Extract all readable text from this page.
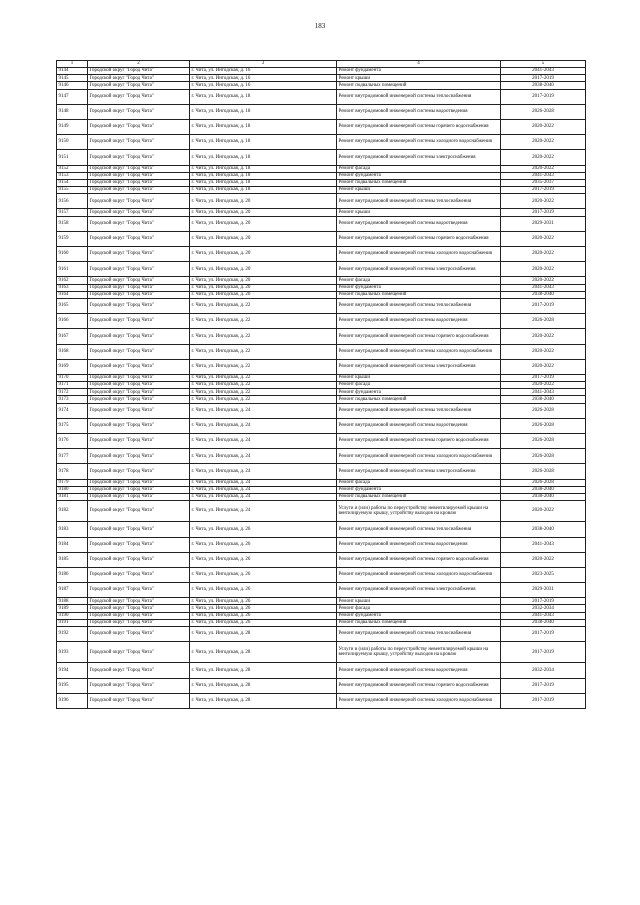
183
1	2	3	4	5
9144	Городской округ "Город Чита"	г. Чита, ул. Ингодская, д. 16	Ремонт фундамента	2041-2043
9145	Городской округ "Город Чита"	г. Чита, ул. Ингодская, д. 16	Ремонт крыши	2017-2019
9146	Городской округ "Город Чита"	г. Чита, ул. Ингодская, д. 16	Ремонт подвальных помещений	2038-2040
9147	Городской округ "Город Чита"	г. Чита, ул. Ингодская, д. 18	Ремонт внутридомовой инженерной системы теплоснабжения	2017-2019
9148	Городской округ "Город Чита"	г. Чита, ул. Ингодская, д. 18	Ремонт внутридомовой инженерной системы водоотведения	2026-2028
9149	Городской округ "Город Чита"	г. Чита, ул. Ингодская, д. 18	Ремонт внутридомовой инженерной системы горячего водоснабжения	2020-2022
9150	Городской округ "Город Чита"	г. Чита, ул. Ингодская, д. 18	Ремонт внутридомовой инженерной системы холодного водоснабжения	2020-2022
9151	Городской округ "Город Чита"	г. Чита, ул. Ингодская, д. 18	Ремонт внутридомовой инженерной системы электроснабжения	2020-2022
9152	Городской округ "Город Чита"	г. Чита, ул. Ингодская, д. 18	Ремонт фасада	2020-2022
9153	Городской округ "Город Чита"	г. Чита, ул. Ингодская, д. 18	Ремонт фундамента	2041-2043
9154	Городской округ "Город Чита"	г. Чита, ул. Ингодская, д. 18	Ремонт подвальных помещений	2035-2037
9155	Городской округ "Город Чита"	г. Чита, ул. Ингодская, д. 18	Ремонт крыши	2017-2019
9156	Городской округ "Город Чита"	г. Чита, ул. Ингодская, д. 20	Ремонт внутридомовой инженерной системы теплоснабжения	2020-2022
9157	Городской округ "Город Чита"	г. Чита, ул. Ингодская, д. 20	Ремонт крыши	2017-2019
9158	Городской округ "Город Чита"	г. Чита, ул. Ингодская, д. 20	Ремонт внутридомовой инженерной системы водоотведения	2029-2031
9159	Городской округ "Город Чита"	г. Чита, ул. Ингодская, д. 20	Ремонт внутридомовой инженерной системы горячего водоснабжения	2020-2022
9160	Городской округ "Город Чита"	г. Чита, ул. Ингодская, д. 20	Ремонт внутридомовой инженерной системы холодного водоснабжения	2020-2022
9161	Городской округ "Город Чита"	г. Чита, ул. Ингодская, д. 20	Ремонт внутридомовой инженерной системы электроснабжения	2020-2022
9162	Городской округ "Город Чита"	г. Чита, ул. Ингодская, д. 20	Ремонт фасада	2020-2022
9163	Городской округ "Город Чита"	г. Чита, ул. Ингодская, д. 20	Ремонт фундамента	2041-2043
9164	Городской округ "Город Чита"	г. Чита, ул. Ингодская, д. 20	Ремонт подвальных помещений	2038-2040
9165	Городской округ "Город Чита"	г. Чита, ул. Ингодская, д. 22	Ремонт внутридомовой инженерной системы теплоснабжения	2017-2019
9166	Городской округ "Город Чита"	г. Чита, ул. Ингодская, д. 22	Ремонт внутридомовой инженерной системы водоотведения	2026-2028
9167	Городской округ "Город Чита"	г. Чита, ул. Ингодская, д. 22	Ремонт внутридомовой инженерной системы горячего водоснабжения	2020-2022
9168	Городской округ "Город Чита"	г. Чита, ул. Ингодская, д. 22	Ремонт внутридомовой инженерной системы холодного водоснабжения	2020-2022
9169	Городской округ "Город Чита"	г. Чита, ул. Ингодская, д. 22	Ремонт внутридомовой инженерной системы электроснабжения	2020-2022
9170	Городской округ "Город Чита"	г. Чита, ул. Ингодская, д. 22	Ремонт крыши	2017-2019
9171	Городской округ "Город Чита"	г. Чита, ул. Ингодская, д. 22	Ремонт фасада	2020-2022
9172	Городской округ "Город Чита"	г. Чита, ул. Ингодская, д. 22	Ремонт фундамента	2041-2043
9173	Городской округ "Город Чита"	г. Чита, ул. Ингодская, д. 22	Ремонт подвальных помещений	2038-2040
9174	Городской округ "Город Чита"	г. Чита, ул. Ингодская, д. 24	Ремонт внутридомовой инженерной системы теплоснабжения	2026-2028
9175	Городской округ "Город Чита"	г. Чита, ул. Ингодская, д. 24	Ремонт внутридомовой инженерной системы водоотведения	2026-2028
9176	Городской округ "Город Чита"	г. Чита, ул. Ингодская, д. 24	Ремонт внутридомовой инженерной системы горячего водоснабжения	2026-2028
9177	Городской округ "Город Чита"	г. Чита, ул. Ингодская, д. 24	Ремонт внутридомовой инженерной системы холодного водоснабжения	2026-2028
9178	Городской округ "Город Чита"	г. Чита, ул. Ингодская, д. 24	Ремонт внутридомовой инженерной системы электроснабжения	2026-2028
9179	Городской округ "Город Чита"	г. Чита, ул. Ингодская, д. 24	Ремонт фасада	2026-2028
9180	Городской округ "Город Чита"	г. Чита, ул. Ингодская, д. 24	Ремонт фундамента	2038-2040
9181	Городской округ "Город Чита"	г. Чита, ул. Ингодская, д. 24	Ремонт подвальных помещений	2038-2040
9182	Городской округ "Город Чита"	г. Чита, ул. Ингодская, д. 24	Услуги и (или) работы по переустройству невентилируемой крыши на вентилируемую крышу, устройству выходов на кровлю	2020-2022
9183	Городской округ "Город Чита"	г. Чита, ул. Ингодская, д. 26	Ремонт внутридомовой инженерной системы теплоснабжения	2038-2040
9184	Городской округ "Город Чита"	г. Чита, ул. Ингодская, д. 26	Ремонт внутридомовой инженерной системы водоотведения	2041-2043
9185	Городской округ "Город Чита"	г. Чита, ул. Ингодская, д. 26	Ремонт внутридомовой инженерной системы горячего водоснабжения	2020-2022
9186	Городской округ "Город Чита"	г. Чита, ул. Ингодская, д. 26	Ремонт внутридомовой инженерной системы холодного водоснабжения	2023-2025
9187	Городской округ "Город Чита"	г. Чита, ул. Ингодская, д. 26	Ремонт внутридомовой инженерной системы электроснабжения	2029-2031
9188	Городской округ "Город Чита"	г. Чита, ул. Ингодская, д. 26	Ремонт крыши	2017-2019
9189	Городской округ "Город Чита"	г. Чита, ул. Ингодская, д. 26	Ремонт фасада	2032-2034
9190	Городской округ "Город Чита"	г. Чита, ул. Ингодская, д. 26	Ремонт фундамента	2041-2043
9191	Городской округ "Город Чита"	г. Чита, ул. Ингодская, д. 26	Ремонт подвальных помещений	2038-2040
9192	Городской округ "Город Чита"	г. Чита, ул. Ингодская, д. 28	Ремонт внутридомовой инженерной системы теплоснабжения	2017-2019
9193	Городской округ "Город Чита"	г. Чита, ул. Ингодская, д. 28	Услуги и (или) работы по переустройству невентилируемой крыши на вентилируемую крышу, устройству выходов на кровлю	2017-2019
9194	Городской округ "Город Чита"	г. Чита, ул. Ингодская, д. 28	Ремонт внутридомовой инженерной системы водоотведения	2032-2034
9195	Городской округ "Город Чита"	г. Чита, ул. Ингодская, д. 28	Ремонт внутридомовой инженерной системы горячего водоснабжения	2017-2019
9196	Городской округ "Город Чита"	г. Чита, ул. Ингодская, д. 28	Ремонт внутридомовой инженерной системы холодного водоснабжения	2017-2019
